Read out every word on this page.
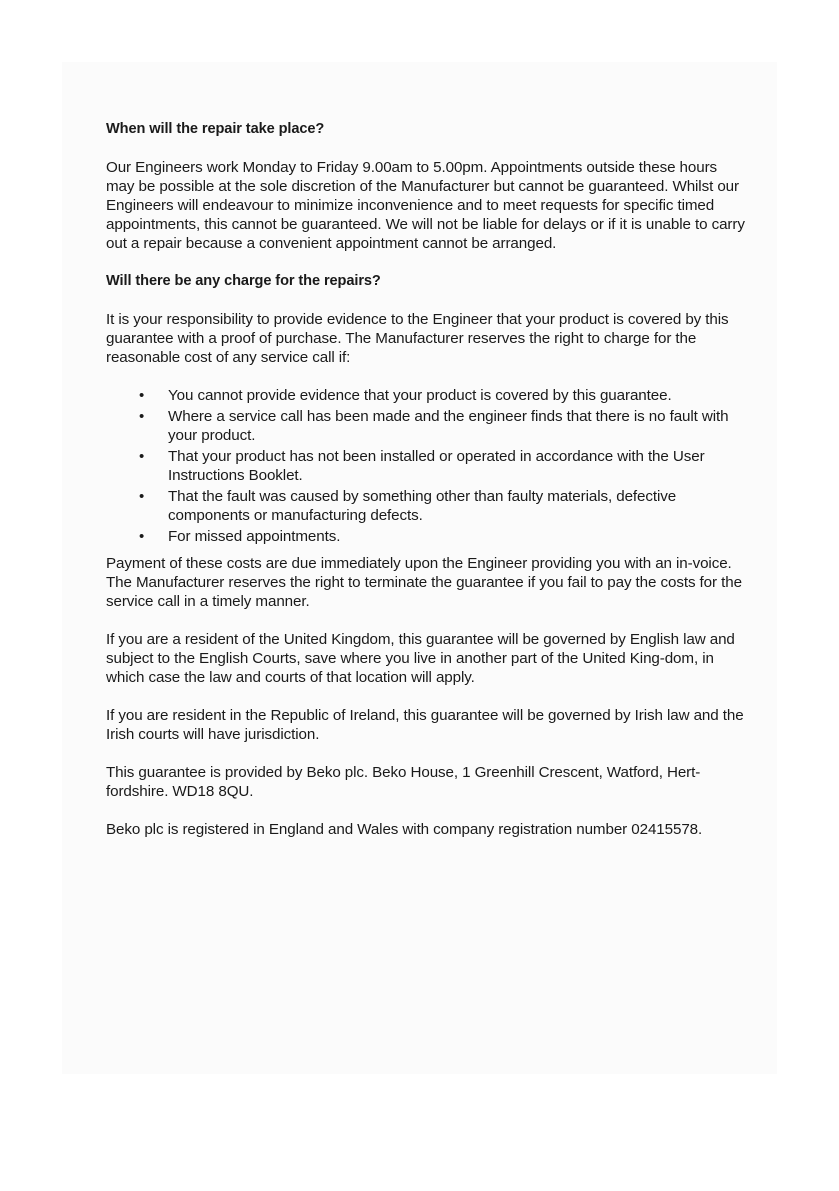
When will the repair take place?

Our Engineers work Monday to Friday 9.00am to 5.00pm. Appointments outside these hours may be possible at the sole discretion of the Manufacturer but cannot be guaranteed. Whilst our Engineers will endeavour to minimize inconvenience and to meet requests for specific timed appointments, this cannot be guaranteed. We will not be liable for delays or if it is unable to carry out a repair because a convenient appointment cannot be arranged.

Will there be any charge for the repairs?

It is your responsibility to provide evidence to the Engineer that your product is covered by this guarantee with a proof of purchase. The Manufacturer reserves the right to charge for the reasonable cost of any service call if:

• You cannot provide evidence that your product is covered by this guarantee.
• Where a service call has been made and the engineer finds that there is no fault with your product.
• That your product has not been installed or operated in accordance with the User Instructions Booklet.
• That the fault was caused by something other than faulty materials, defective components or manufacturing defects.
• For missed appointments.

Payment of these costs are due immediately upon the Engineer providing you with an in-voice. The Manufacturer reserves the right to terminate the guarantee if you fail to pay the costs for the service call in a timely manner.

If you are a resident of the United Kingdom, this guarantee will be governed by English law and subject to the English Courts, save where you live in another part of the United King-dom, in which case the law and courts of that location will apply.

If you are resident in the Republic of Ireland, this guarantee will be governed by Irish law and the Irish courts will have jurisdiction.

This guarantee is provided by Beko plc. Beko House, 1 Greenhill Crescent, Watford, Hert-fordshire. WD18 8QU.

Beko plc is registered in England and Wales with company registration number 02415578.
